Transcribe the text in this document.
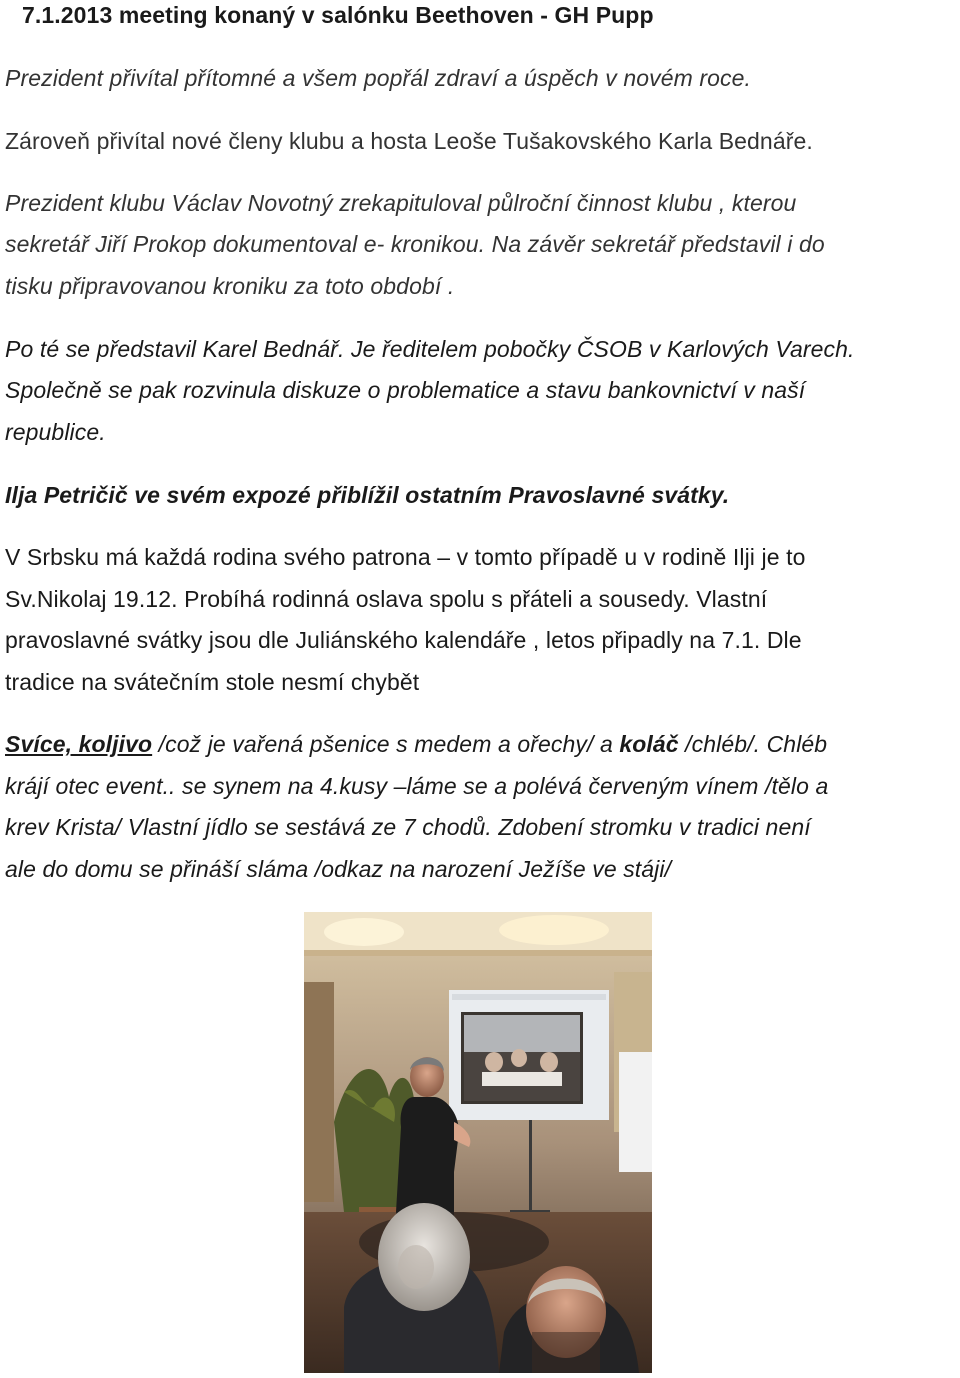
7.1.2013 meeting konaný v salónku Beethoven - GH Pupp
Prezident přivítal přítomné a všem popřál zdraví a úspěch v novém roce.
Zároveň přivítal nové členy klubu a hosta Leoše Tušakovského Karla Bednáře.
Prezident klubu Václav Novotný zrekapituloval půlroční činnost klubu , kterou
sekretář Jiří Prokop dokumentoval e- kronikou. Na závěr sekretář představil i do
tisku připravovanou kroniku za toto období .
Po té se představil Karel Bednář. Je ředitelem pobočky ČSOB v Karlových Varech.
Společně se pak rozvinula diskuze o problematice a stavu bankovnictví v naší
republice.
Ilja Petričič ve svém expozé přiblížil ostatním Pravoslavné svátky.
V Srbsku má každá rodina svého patrona – v tomto případě u v rodině Ilji je to
Sv.Nikolaj 19.12. Probíhá rodinná oslava spolu s přáteli a sousedy. Vlastní
pravoslavné svátky jsou dle Juliánského kalendáře , letos připadly na 7.1. Dle
tradice na svátečním stole nesmí chybět
Svíce, koljivo /což je vařená pšenice s medem a ořechy/ a koláč /chléb/. Chléb
krájí otec event.. se synem na 4.kusy –láme se a polévá červeným vínem /tělo a
krev Krista/ Vlastní jídlo se sestává ze 7 chodů. Zdobení stromku v tradici není
ale do domu se přináší sláma /odkaz na narození Ježíše ve stáji/
